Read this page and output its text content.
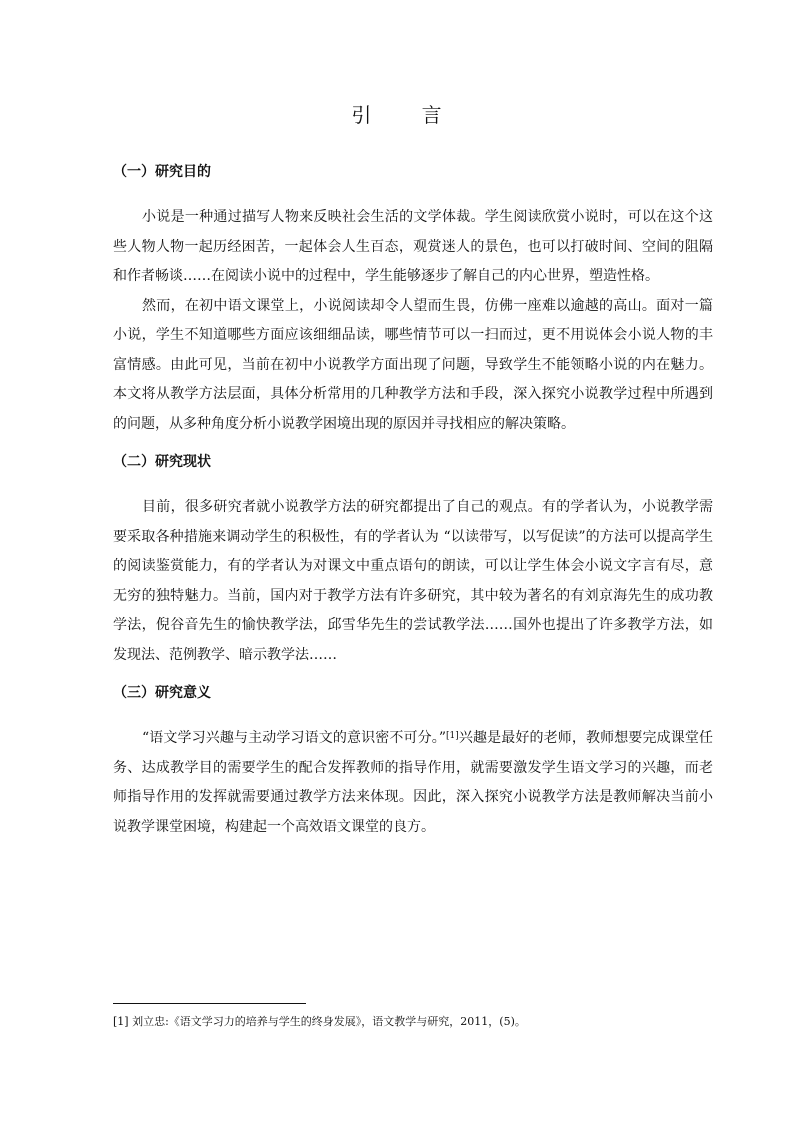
引 言

（一）研究目的

小说是一种通过描写人物来反映社会生活的文学体裁。学生阅读欣赏小说时，可以在这个这些人物人物一起历经困苦，一起体会人生百态，观赏迷人的景色，也可以打破时间、空间的阻隔和作者畅谈……在阅读小说中的过程中，学生能够逐步了解自己的内心世界，塑造性格。

然而，在初中语文课堂上，小说阅读却令人望而生畏，仿佛一座难以逾越的高山。面对一篇小说，学生不知道哪些方面应该细细品读，哪些情节可以一扫而过，更不用说体会小说人物的丰富情感。由此可见，当前在初中小说教学方面出现了问题，导致学生不能领略小说的内在魅力。本文将从教学方法层面，具体分析常用的几种教学方法和手段，深入探究小说教学过程中所遇到的问题，从多种角度分析小说教学困境出现的原因并寻找相应的解决策略。

（二）研究现状

目前，很多研究者就小说教学方法的研究都提出了自己的观点。有的学者认为，小说教学需要采取各种措施来调动学生的积极性，有的学者认为 “以读带写，以写促读”的方法可以提高学生的阅读鉴赏能力，有的学者认为对课文中重点语句的朗读，可以让学生体会小说文字言有尽，意无穷的独特魅力。当前，国内对于教学方法有许多研究，其中较为著名的有刘京海先生的成功教学法，倪谷音先生的愉快教学法，邱雪华先生的尝试教学法……国外也提出了许多教学方法，如发现法、范例教学、暗示教学法……

（三）研究意义

“语文学习兴趣与主动学习语文的意识密不可分。”[1]兴趣是最好的老师，教师想要完成课堂任务、达成教学目的需要学生的配合发挥教师的指导作用，就需要激发学生语文学习的兴趣，而老师指导作用的发挥就需要通过教学方法来体现。因此，深入探究小说教学方法是教师解决当前小说教学课堂困境，构建起一个高效语文课堂的良方。

[1] 刘立忠:《语文学习力的培养与学生的终身发展》，语文教学与研究，2011，(5)。
